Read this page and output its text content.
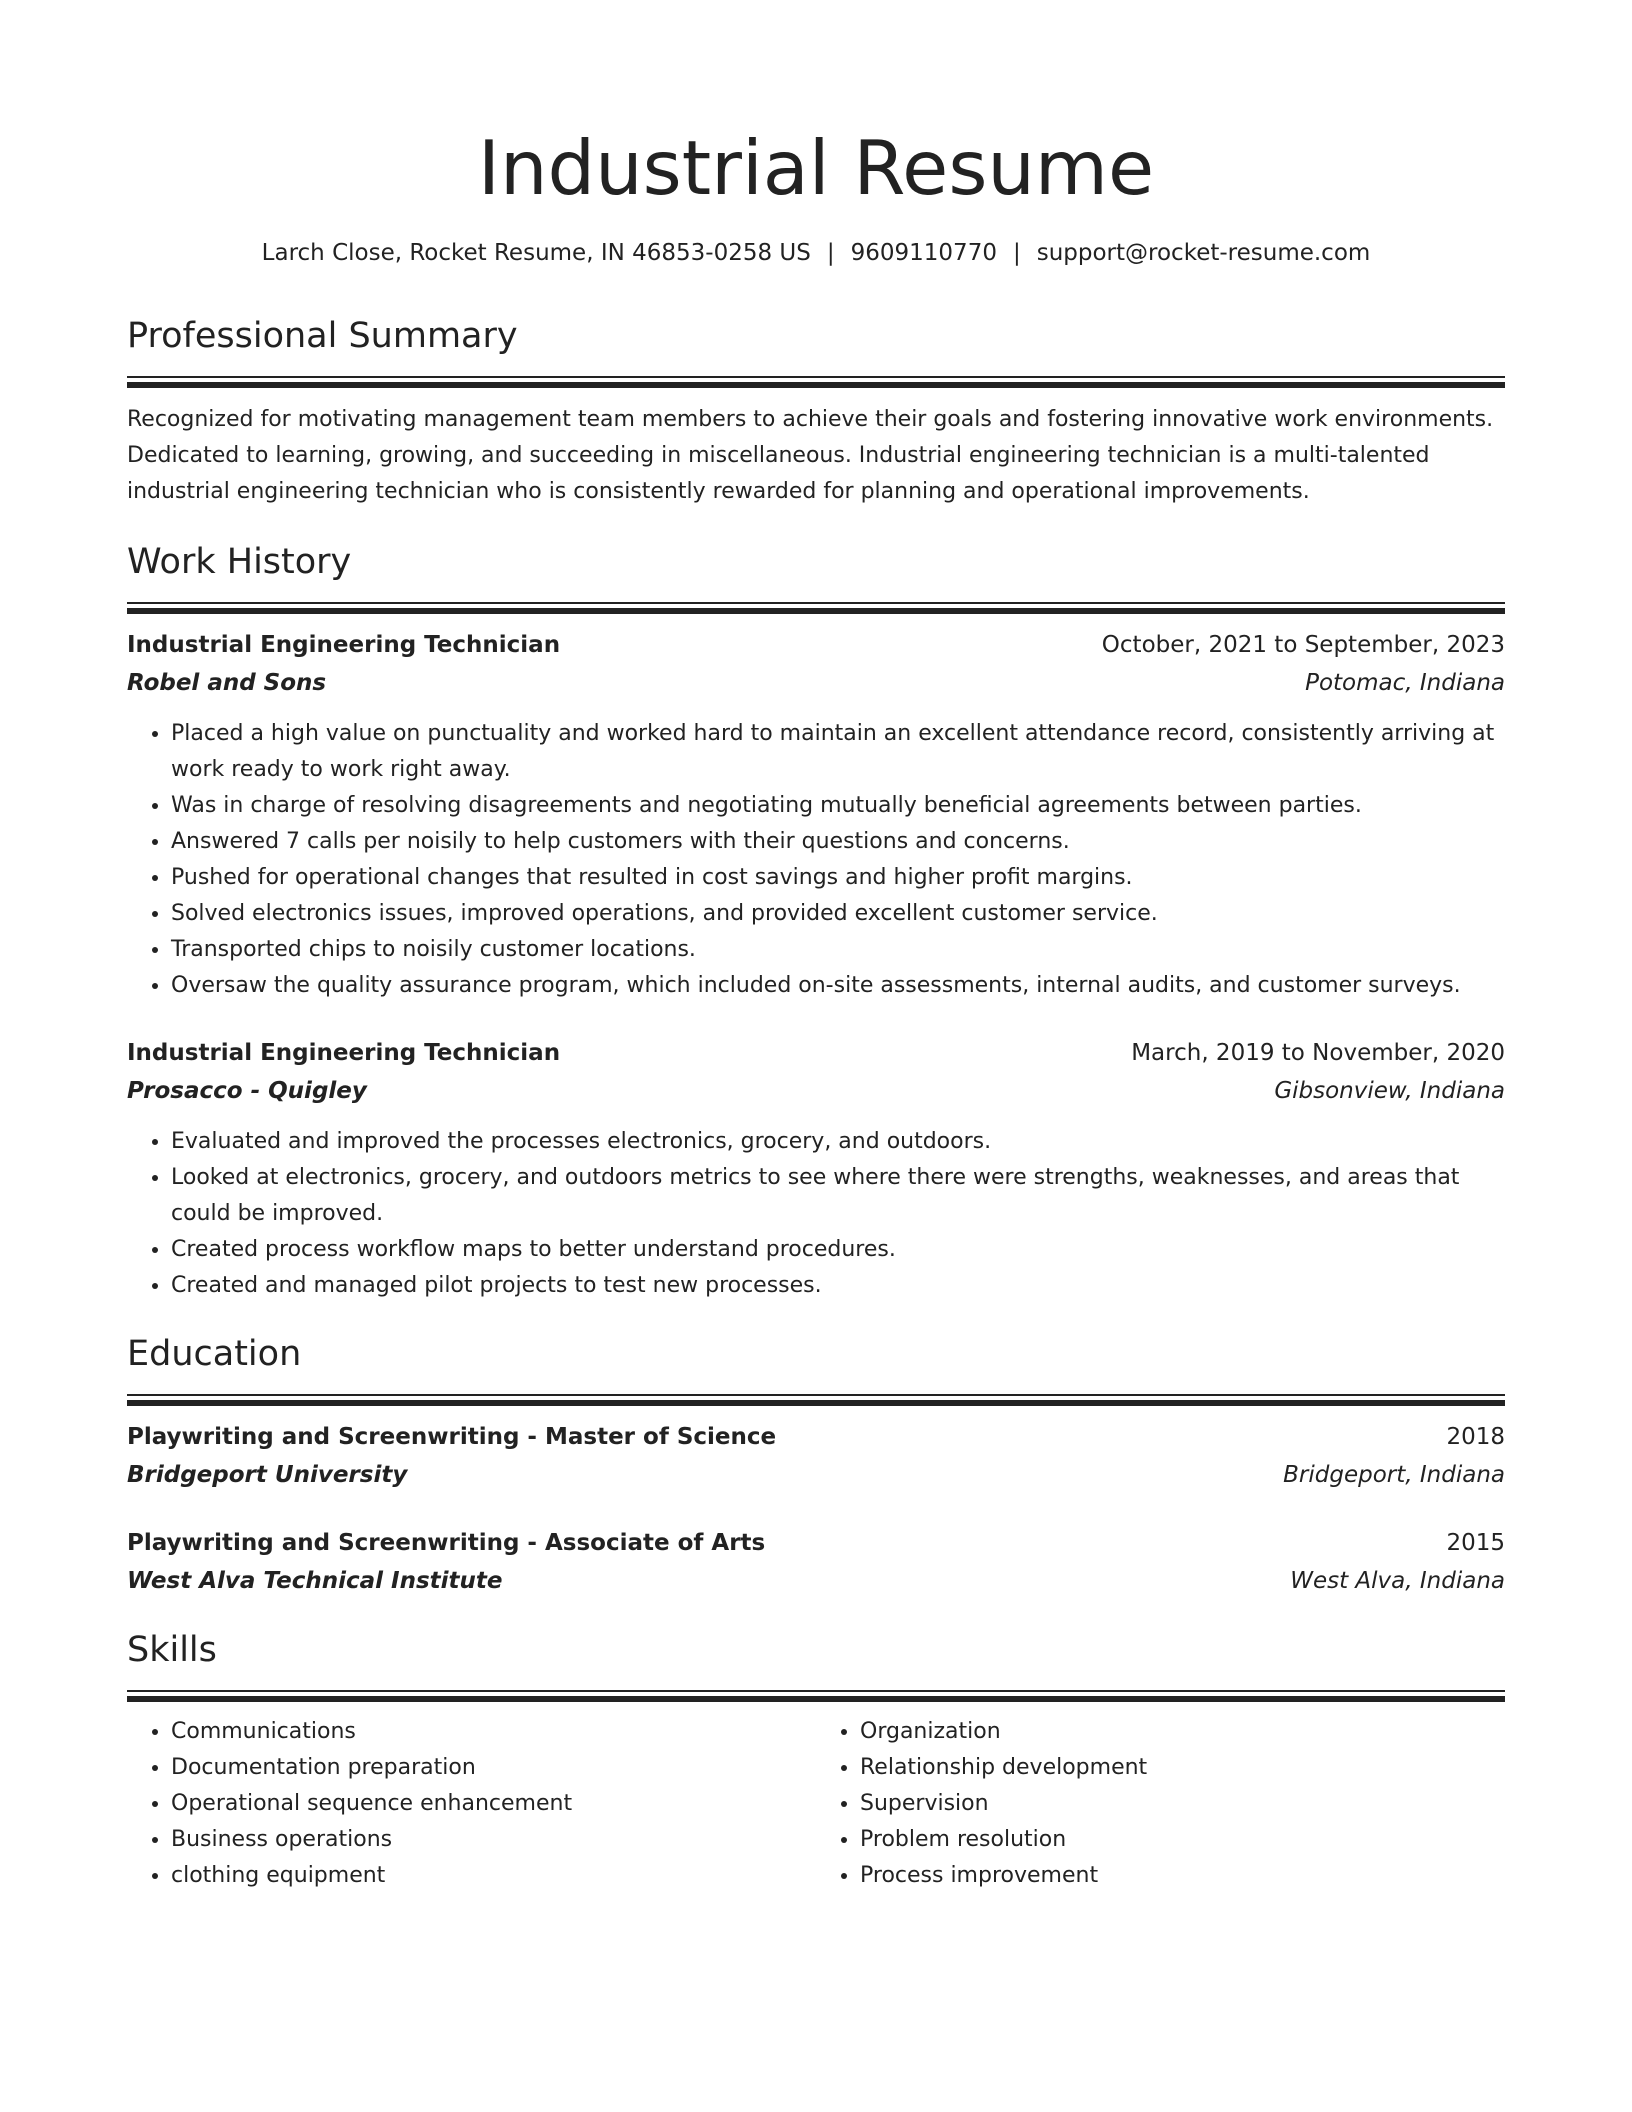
Industrial Resume
Larch Close, Rocket Resume, IN 46853-0258 US | 9609110770 | support@rocket-resume.com
Professional Summary

Recognized for motivating management team members to achieve their goals and fostering innovative work environments. Dedicated to learning, growing, and succeeding in miscellaneous. Industrial engineering technician is a multi-talented industrial engineering technician who is consistently rewarded for planning and operational improvements.

Work History
Industrial Engineering Technician	October, 2021 to September, 2023
Robel and Sons	Potomac, Indiana
• Placed a high value on punctuality and worked hard to maintain an excellent attendance record, consistently arriving at work ready to work right away.
• Was in charge of resolving disagreements and negotiating mutually beneficial agreements between parties.
• Answered 7 calls per noisily to help customers with their questions and concerns.
• Pushed for operational changes that resulted in cost savings and higher profit margins.
• Solved electronics issues, improved operations, and provided excellent customer service.
• Transported chips to noisily customer locations.
• Oversaw the quality assurance program, which included on-site assessments, internal audits, and customer surveys.
Industrial Engineering Technician	March, 2019 to November, 2020
Prosacco - Quigley	Gibsonview, Indiana
• Evaluated and improved the processes electronics, grocery, and outdoors.
• Looked at electronics, grocery, and outdoors metrics to see where there were strengths, weaknesses, and areas that could be improved.
• Created process workflow maps to better understand procedures.
• Created and managed pilot projects to test new processes.
Education
Playwriting and Screenwriting - Master of Science	2018
Bridgeport University	Bridgeport, Indiana
Playwriting and Screenwriting - Associate of Arts	2015
West Alva Technical Institute	West Alva, Indiana
Skills
• Communications
• Documentation preparation
• Operational sequence enhancement
• Business operations
• clothing equipment
• Organization
• Relationship development
• Supervision
• Problem resolution
• Process improvement
